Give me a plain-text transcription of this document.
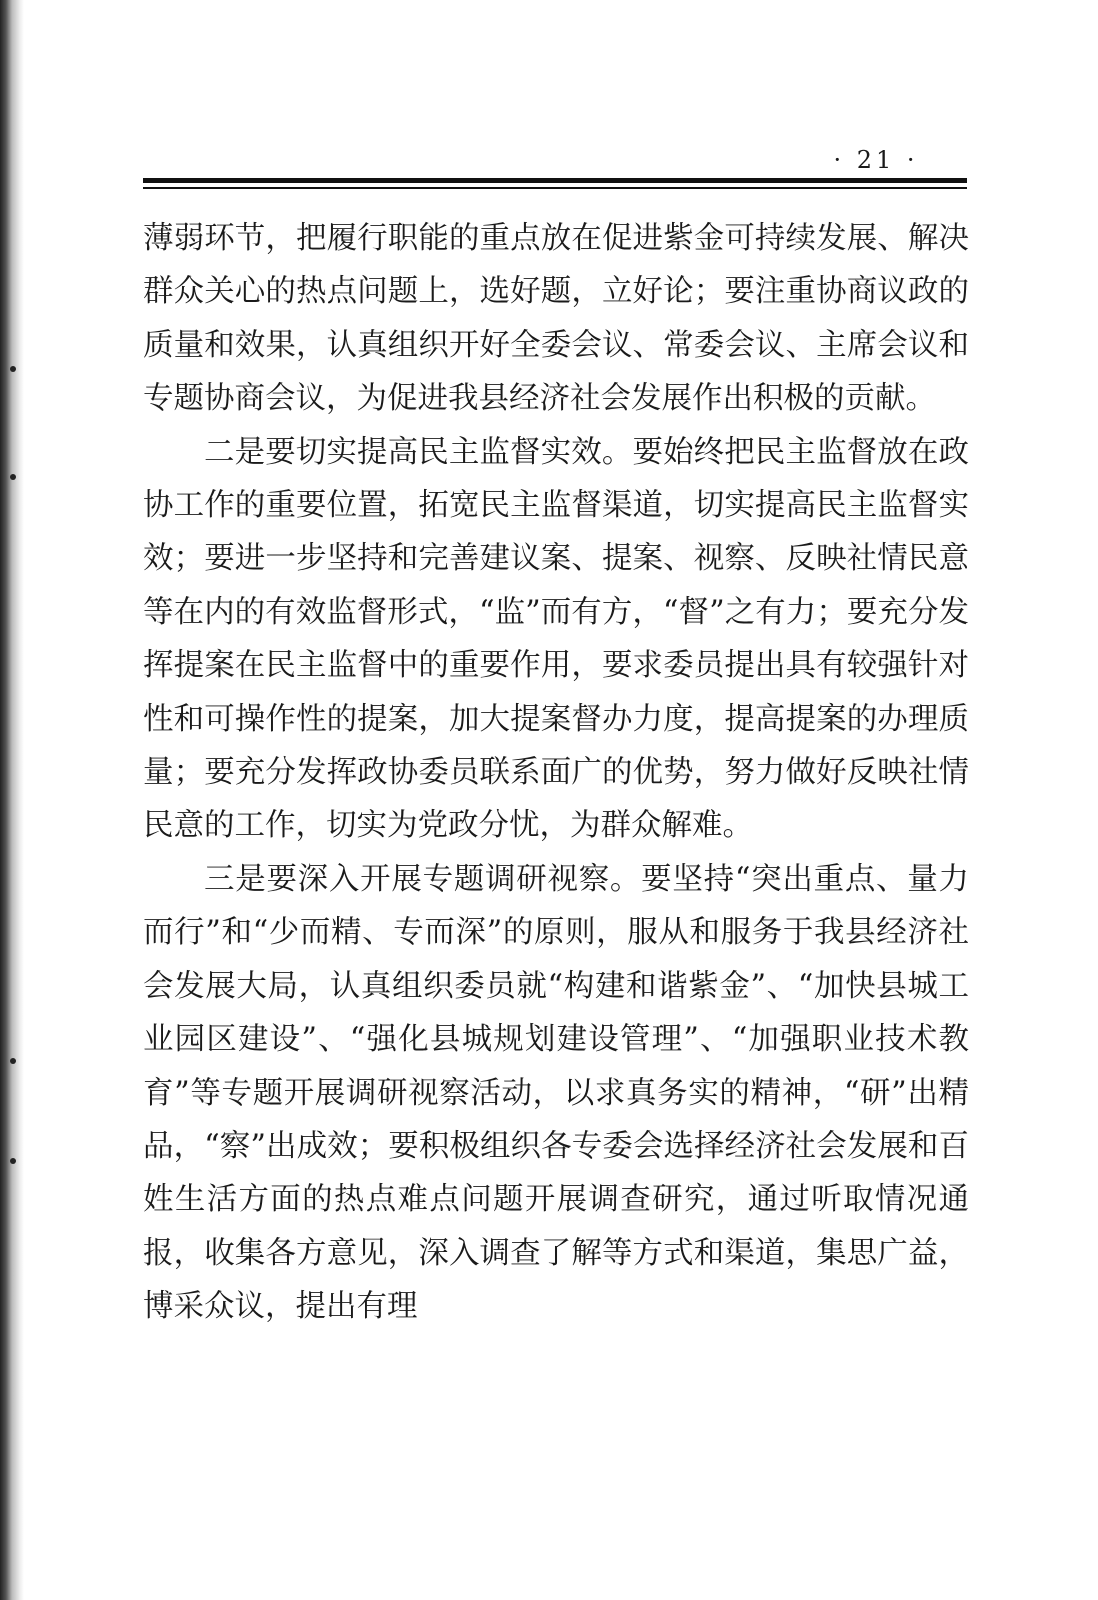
· 21 ·

薄弱环节，把履行职能的重点放在促进紫金可持续发展、解决群众关心的热点问题上，选好题，立好论；要注重协商议政的质量和效果，认真组织开好全委会议、常委会议、主席会议和专题协商会议，为促进我县经济社会发展作出积极的贡献。

二是要切实提高民主监督实效。要始终把民主监督放在政协工作的重要位置，拓宽民主监督渠道，切实提高民主监督实效；要进一步坚持和完善建议案、提案、视察、反映社情民意等在内的有效监督形式，“监”而有方，“督”之有力；要充分发挥提案在民主监督中的重要作用，要求委员提出具有较强针对性和可操作性的提案，加大提案督办力度，提高提案的办理质量；要充分发挥政协委员联系面广的优势，努力做好反映社情民意的工作，切实为党政分忧，为群众解难。

三是要深入开展专题调研视察。要坚持“突出重点、量力而行”和“少而精、专而深”的原则，服从和服务于我县经济社会发展大局，认真组织委员就“构建和谐紫金”、“加快县城工业园区建设”、“强化县城规划建设管理”、“加强职业技术教育”等专题开展调研视察活动，以求真务实的精神，“研”出精品，“察”出成效；要积极组织各专委会选择经济社会发展和百姓生活方面的热点难点问题开展调查研究，通过听取情况通报，收集各方意见，深入调查了解等方式和渠道，集思广益，博采众议，提出有理
